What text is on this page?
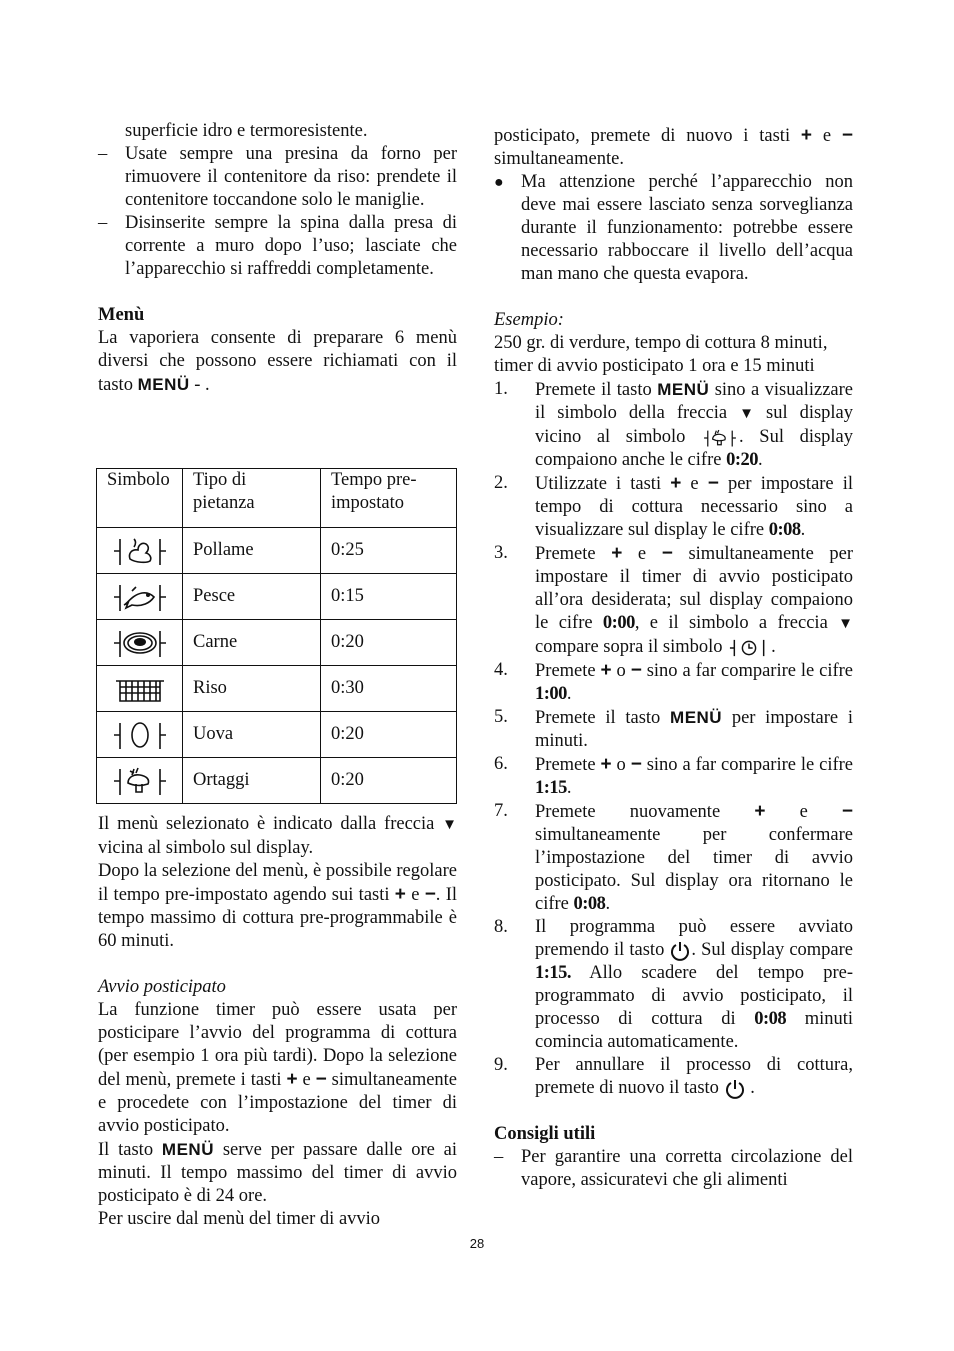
superficie idro e termoresistente.

– Usate sempre una presina da forno per rimuovere il contenitore da riso: prendete il contenitore toccandone solo le maniglie.
– Disinserite sempre la spina dalla presa di corrente a muro dopo l’uso; lasciate che l’apparecchio si raffreddi completamente.

Menù

La vaporiera consente di preparare 6 menù diversi che possono essere richiamati con il tasto MENÜ - .

Simbolo	Tipo di pietanza	Tempo pre-impostato
	Pollame	0:25
	Pesce	0:15
	Carne	0:20
	Riso	0:30
	Uova	0:20
	Ortaggi	0:20

Il menù selezionato è indicato dalla freccia ▼ vicina al simbolo sul display.

Dopo la selezione del menù, è possibile regolare il tempo pre-impostato agendo sui tasti + e −. Il tempo massimo di cottura pre-programmabile è 60 minuti.

Avvio posticipato

La funzione timer può essere usata per posticipare l’avvio del programma di cottura (per esempio 1 ora più tardi). Dopo la selezione del menù, premete i tasti + e − simultaneamente e procedete con l’impostazione del timer di avvio posticipato.

Il tasto MENÜ serve per passare dalle ore ai minuti. Il tempo massimo del timer di avvio posticipato è di 24 ore.

Per uscire dal menù del timer di avvio

posticipato, premete di nuovo i tasti + e − simultaneamente.

● Ma attenzione perché l’apparecchio non deve mai essere lasciato senza sorveglianza durante il funzionamento: potrebbe essere necessario rabboccare il livello dell’acqua man mano che questa evapora.

Esempio:

250 gr. di verdure, tempo di cottura 8 minuti, timer di avvio posticipato 1 ora e 15 minuti

1. Premete il tasto MENÜ sino a visualizzare il simbolo della freccia ▼ sul display vicino al simbolo	. Sul display compaiono anche le cifre 0:20.
2. Utilizzate i tasti + e − per impostare il tempo di cottura necessario sino a visualizzare sul display le cifre 0:08.
3. Premete + e − simultaneamente per impostare il timer di avvio posticipato all’ora desiderata; sul display compaiono le cifre 0:00, e il simbolo a freccia ▼ compare sopra il simbolo	.
4. Premete + o − sino a far comparire le cifre 1:00.
5. Premete il tasto MENÜ per impostare i minuti.
6. Premete + o − sino a far comparire le cifre 1:15.
7. Premete nuovamente + e − simultaneamente per confermare l’impostazione del timer di avvio posticipato. Sul display ora ritornano le cifre 0:08.
8. Il programma può essere avviato premendo il tasto . Sul display compare 1:15. Allo scadere del tempo pre-programmato di avvio posticipato, il processo di cottura di 0:08 minuti comincia automaticamente.
9. Per annullare il processo di cottura, premete di nuovo il tasto .

Consigli utili

– Per garantire una corretta circolazione del vapore, assicuratevi che gli alimenti
28
